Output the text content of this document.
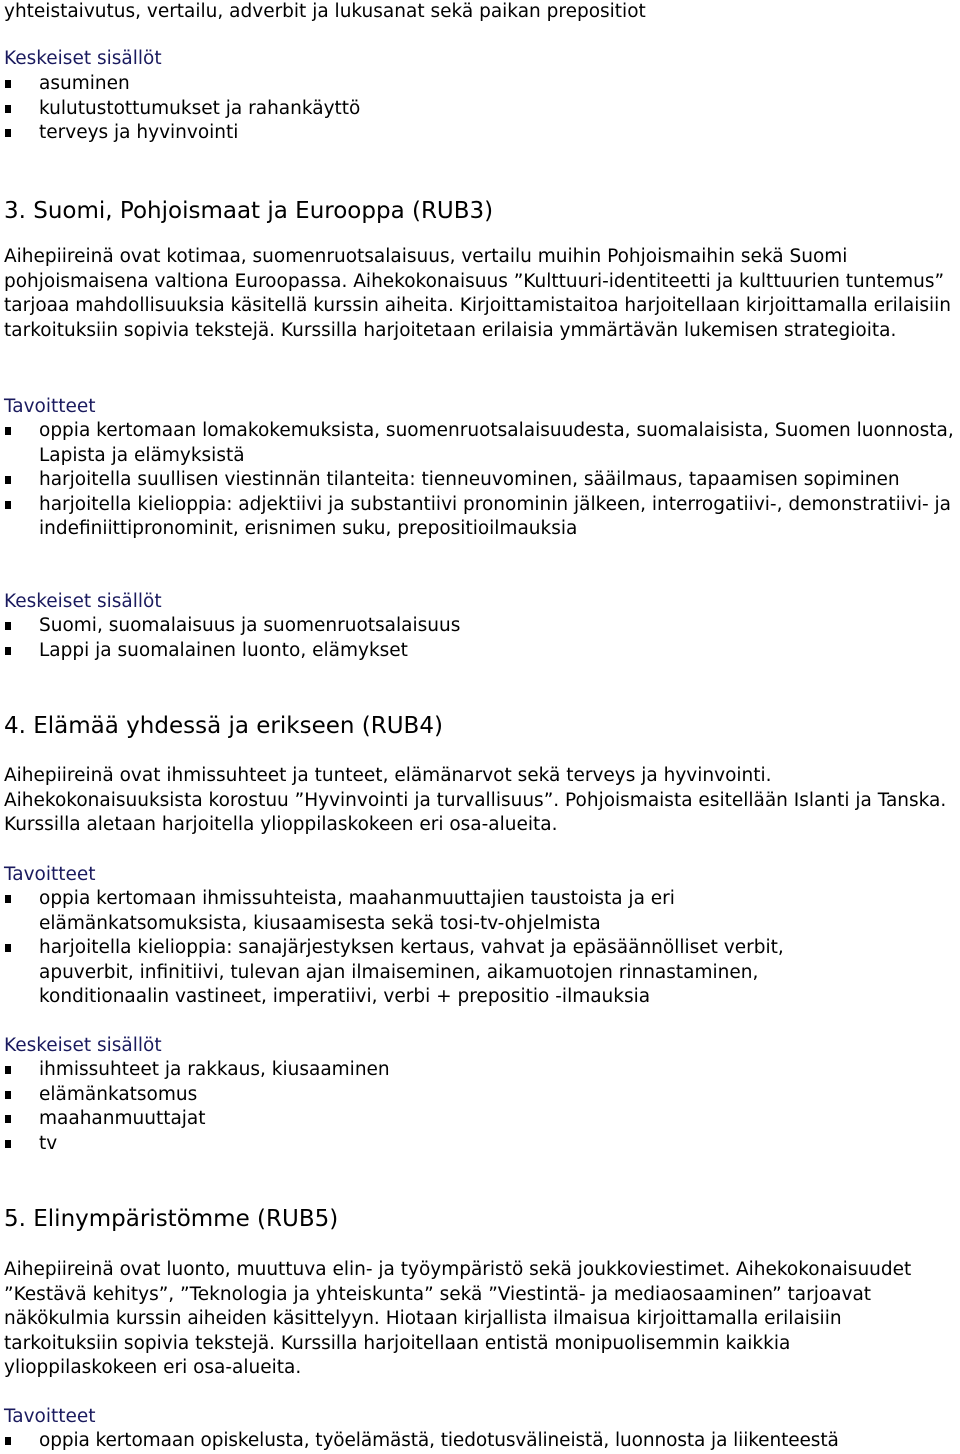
yhteistaivutus, vertailu, adverbit ja lukusanat sekä paikan prepositiot

Keskeiset sisällöt

asuminen
kulutustottumukset ja rahankäyttö
terveys ja hyvinvointi
3. Suomi, Pohjoismaat ja Eurooppa (RUB3)

Aihepiireinä ovat kotimaa, suomenruotsalaisuus, vertailu muihin Pohjoismaihin sekä Suomi pohjoismaisena valtiona Euroopassa. Aihekokonaisuus ”Kulttuuri-identiteetti ja kulttuurien tuntemus” tarjoaa mahdollisuuksia käsitellä kurssin aiheita. Kirjoittamistaitoa harjoitellaan kirjoittamalla erilaisiin tarkoituksiin sopivia tekstejä. Kurssilla harjoitetaan erilaisia ymmärtävän lukemisen strategioita.

Tavoitteet

oppia kertomaan lomakokemuksista, suomenruotsalaisuudesta, suomalaisista, Suomen luonnosta, Lapista ja elämyksistä
harjoitella suullisen viestinnän tilanteita: tienneuvominen, sääilmaus, tapaamisen sopiminen
harjoitella kielioppia: adjektiivi ja substantiivi pronominin jälkeen, interrogatiivi-, demonstratiivi- ja indefiniittipronominit, erisnimen suku, prepositioilmauksia

Keskeiset sisällöt

Suomi, suomalaisuus ja suomenruotsalaisuus
Lappi ja suomalainen luonto, elämykset
4. Elämää yhdessä ja erikseen (RUB4)

Aihepiireinä ovat ihmissuhteet ja tunteet, elämänarvot sekä terveys ja hyvinvointi. Aihekokonaisuuksista korostuu ”Hyvinvointi ja turvallisuus”. Pohjoismaista esitellään Islanti ja Tanska. Kurssilla aletaan harjoitella ylioppilaskokeen eri osa-alueita.

Tavoitteet

oppia kertomaan ihmissuhteista, maahanmuuttajien taustoista ja eri elämänkatsomuksista, kiusaamisesta sekä tosi-tv-ohjelmista
harjoitella kielioppia: sanajärjestyksen kertaus, vahvat ja epäsäännölliset verbit, apuverbit, infinitiivi, tulevan ajan ilmaiseminen, aikamuotojen rinnastaminen, konditionaalin vastineet, imperatiivi, verbi + prepositio -ilmauksia

Keskeiset sisällöt

ihmissuhteet ja rakkaus, kiusaaminen
elämänkatsomus
maahanmuuttajat
tv
5. Elinympäristömme (RUB5)

Aihepiireinä ovat luonto, muuttuva elin- ja työympäristö sekä joukkoviestimet. Aihekokonaisuudet ”Kestävä kehitys”, ”Teknologia ja yhteiskunta” sekä ”Viestintä- ja mediaosaaminen” tarjoavat näkökulmia kurssin aiheiden käsittelyyn. Hiotaan kirjallista ilmaisua kirjoittamalla erilaisiin tarkoituksiin sopivia tekstejä. Kurssilla harjoitellaan entistä monipuolisemmin kaikkia ylioppilaskokeen eri osa-alueita.

Tavoitteet

oppia kertomaan opiskelusta, työelämästä, tiedotusvälineistä, luonnosta ja liikenteestä
